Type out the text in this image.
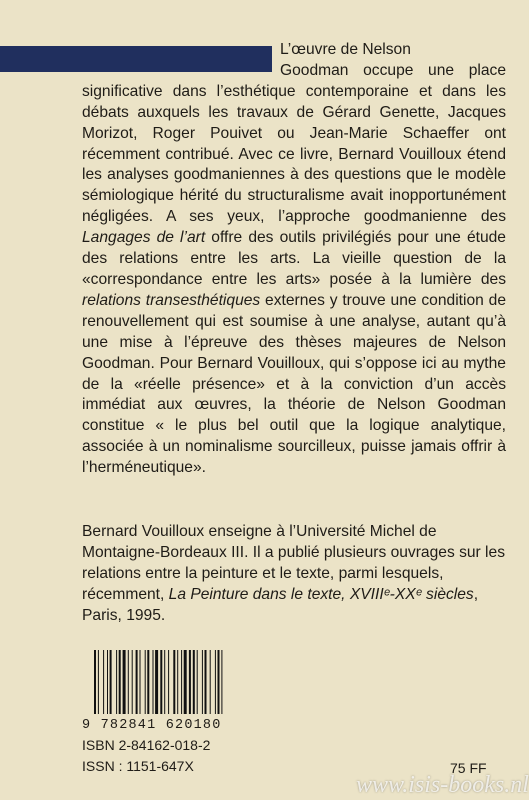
L’œuvre de Nelson
Goodman occupe une place significative dans l’esthétique contemporaine et dans les débats auxquels les travaux de Gérard Genette, Jacques Morizot, Roger Pouivet ou Jean-Marie Schaeffer ont récemment contribué. Avec ce livre, Bernard Vouilloux étend les analyses goodmaniennes à des questions que le modèle sémiologique hérité du structuralisme avait inopportunément négligées. A ses yeux, l’approche goodmanienne des Langages de l’art offre des outils privilégiés pour une étude des relations entre les arts. La vieille question de la «correspondance entre les arts» posée à la lumière des relations transesthétiques externes y trouve une condition de renouvellement qui est soumise à une analyse, autant qu’à une mise à l’épreuve des thèses majeures de Nelson Goodman. Pour Bernard Vouilloux, qui s’oppose ici au mythe de la «réelle présence» et à la conviction d’un accès immédiat aux œuvres, la théorie de Nelson Goodman constitue « le plus bel outil que la logique analytique, associée à un nominalisme sourcilleux, puisse jamais offrir à l’herméneutique».
Bernard Vouilloux enseigne à l’Université Michel de Montaigne-Bordeaux III. Il a publié plusieurs ouvrages sur les relations entre la peinture et le texte, parmi lesquels, récemment, La Peinture dans le texte, XVIIIᵉ-XXᵉ siècles, Paris, 1995.
9 782841 620180
ISBN 2-84162-018-2
ISSN : 1151-647X	75 FF
www.isis-books.nl
